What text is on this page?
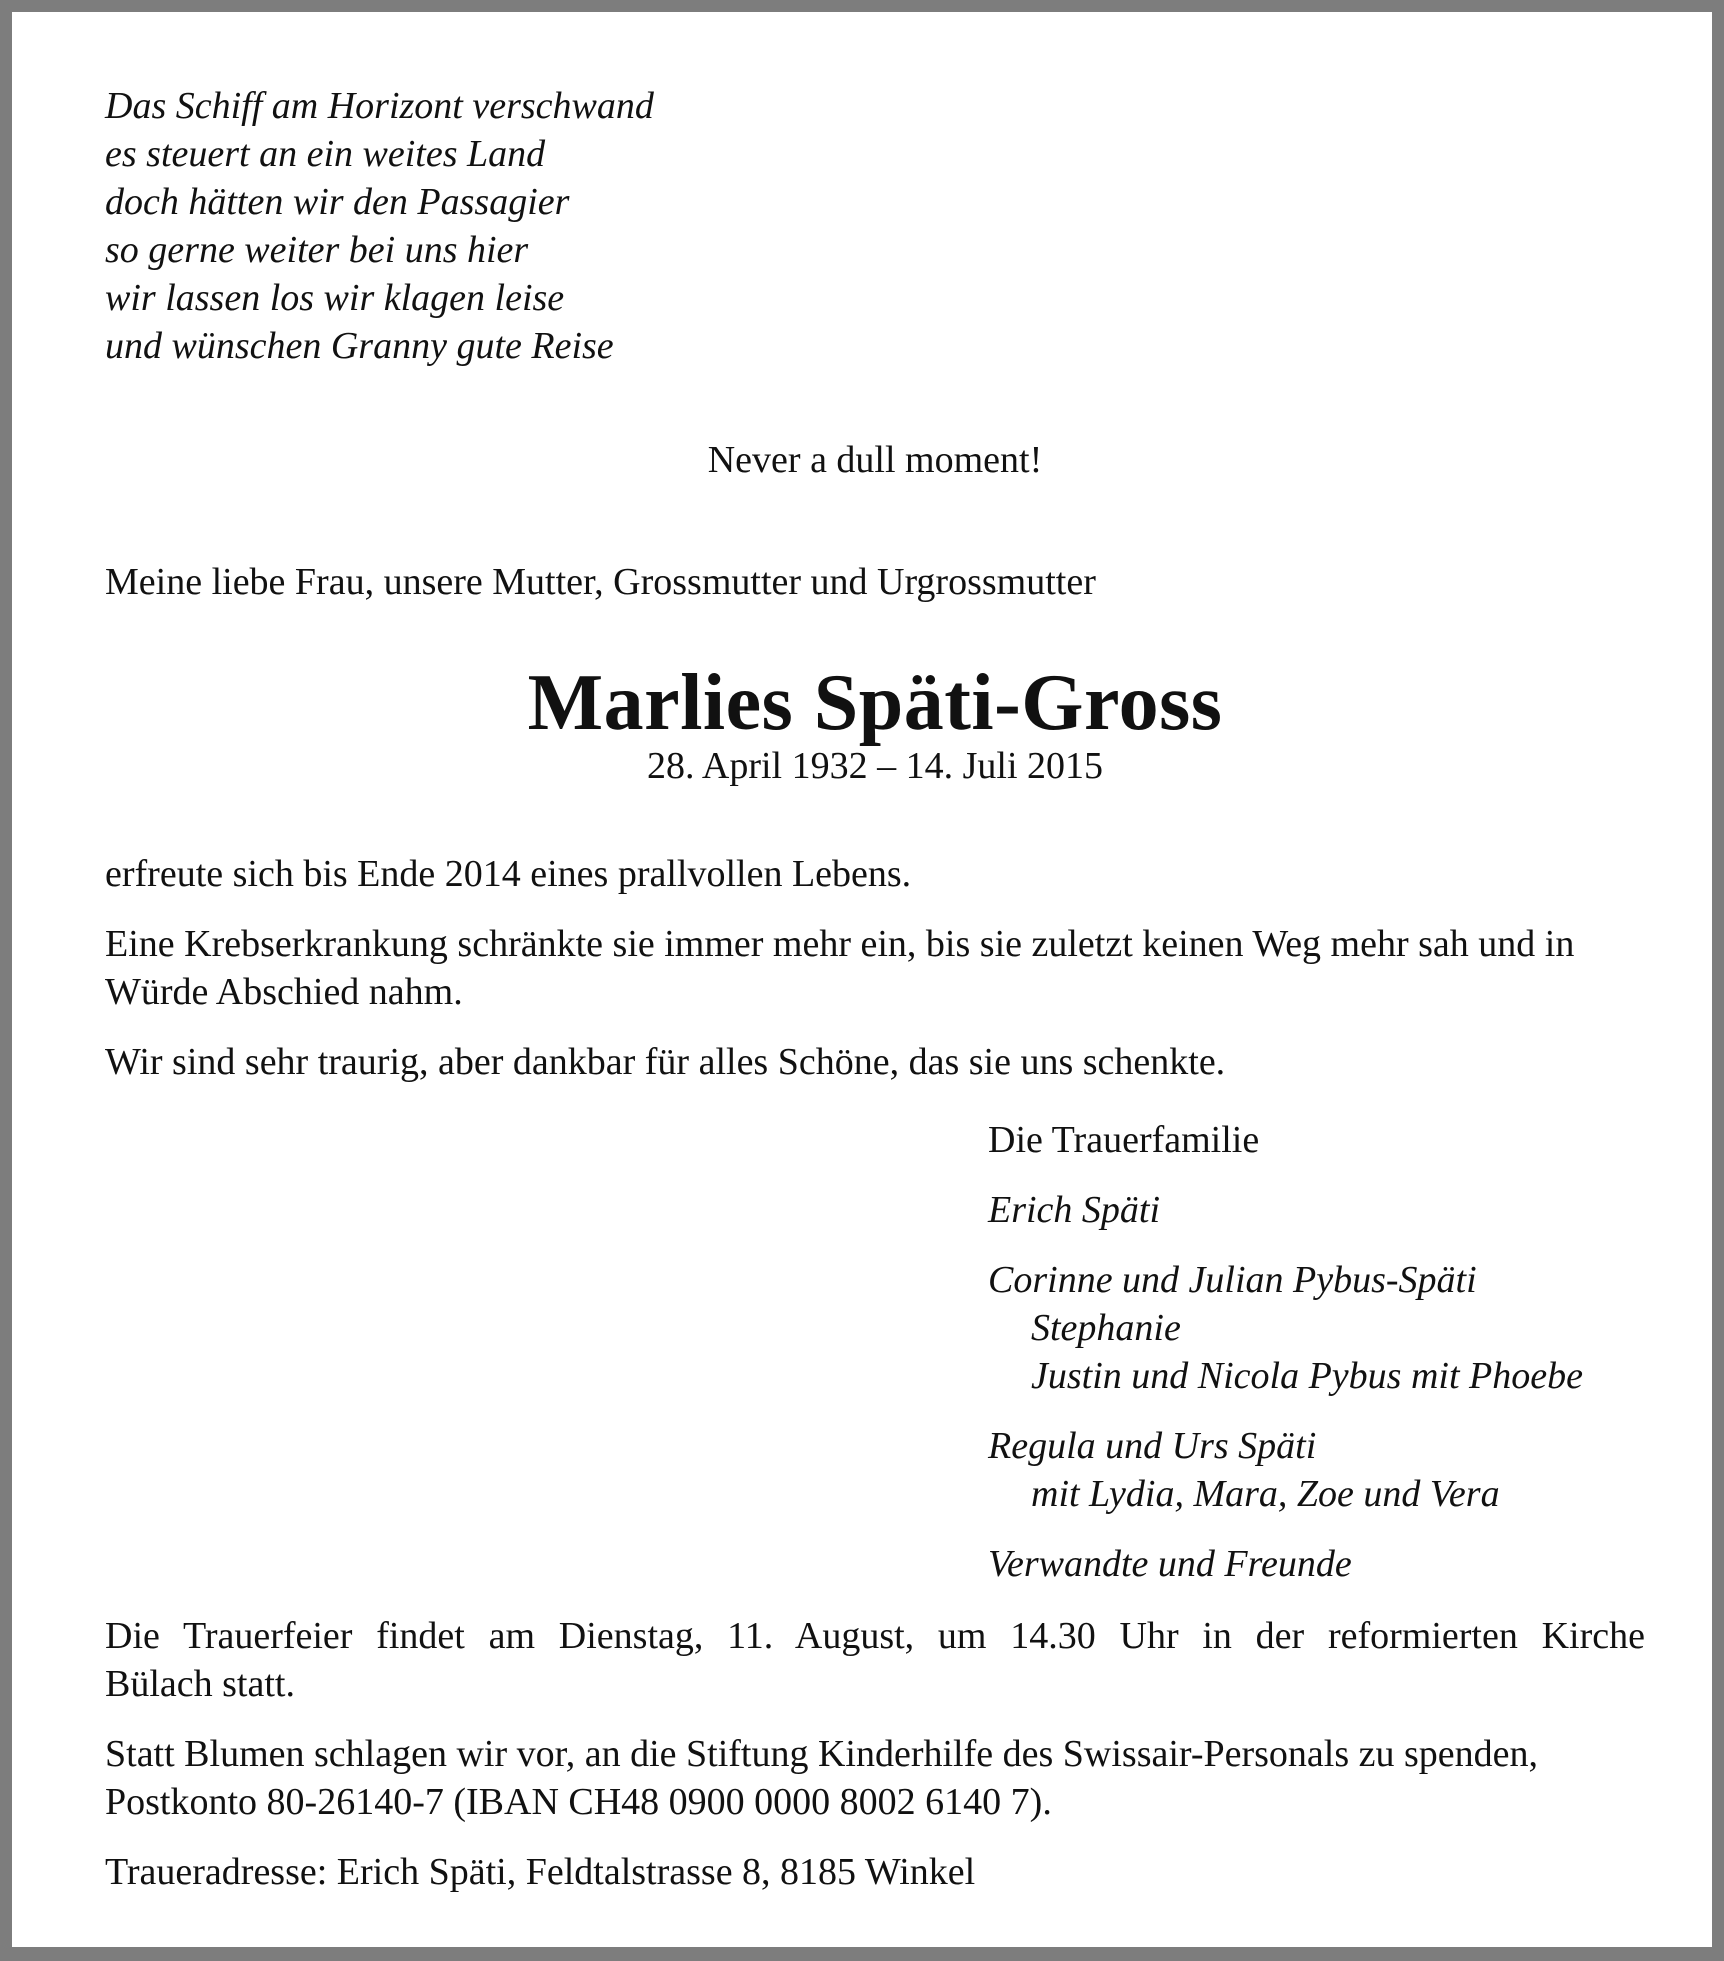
Das Schiff am Horizont verschwand
es steuert an ein weites Land
doch hätten wir den Passagier
so gerne weiter bei uns hier
wir lassen los wir klagen leise
und wünschen Granny gute Reise
Never a dull moment!
Meine liebe Frau, unsere Mutter, Grossmutter und Urgrossmutter
Marlies Späti-Gross
28. April 1932 – 14. Juli 2015

erfreute sich bis Ende 2014 eines prallvollen Lebens.

Eine Krebserkrankung schränkte sie immer mehr ein, bis sie zuletzt keinen Weg mehr sah und in Würde Abschied nahm.

Wir sind sehr traurig, aber dankbar für alles Schöne, das sie uns schenkte.

Die Trauerfamilie
Erich Späti
Corinne und Julian Pybus-Späti
Stephanie
Justin und Nicola Pybus mit Phoebe
Regula und Urs Späti
mit Lydia, Mara, Zoe und Vera
Verwandte und Freunde
Die Trauerfeier findet am Dienstag, 11. August, um 14.30 Uhr in der reformierten Kirche
Bülach statt.

Statt Blumen schlagen wir vor, an die Stiftung Kinderhilfe des Swissair-Personals zu spenden, Postkonto 80-26140-7 (IBAN CH48 0900 0000 8002 6140 7).

Traueradresse: Erich Späti, Feldtalstrasse 8, 8185 Winkel
